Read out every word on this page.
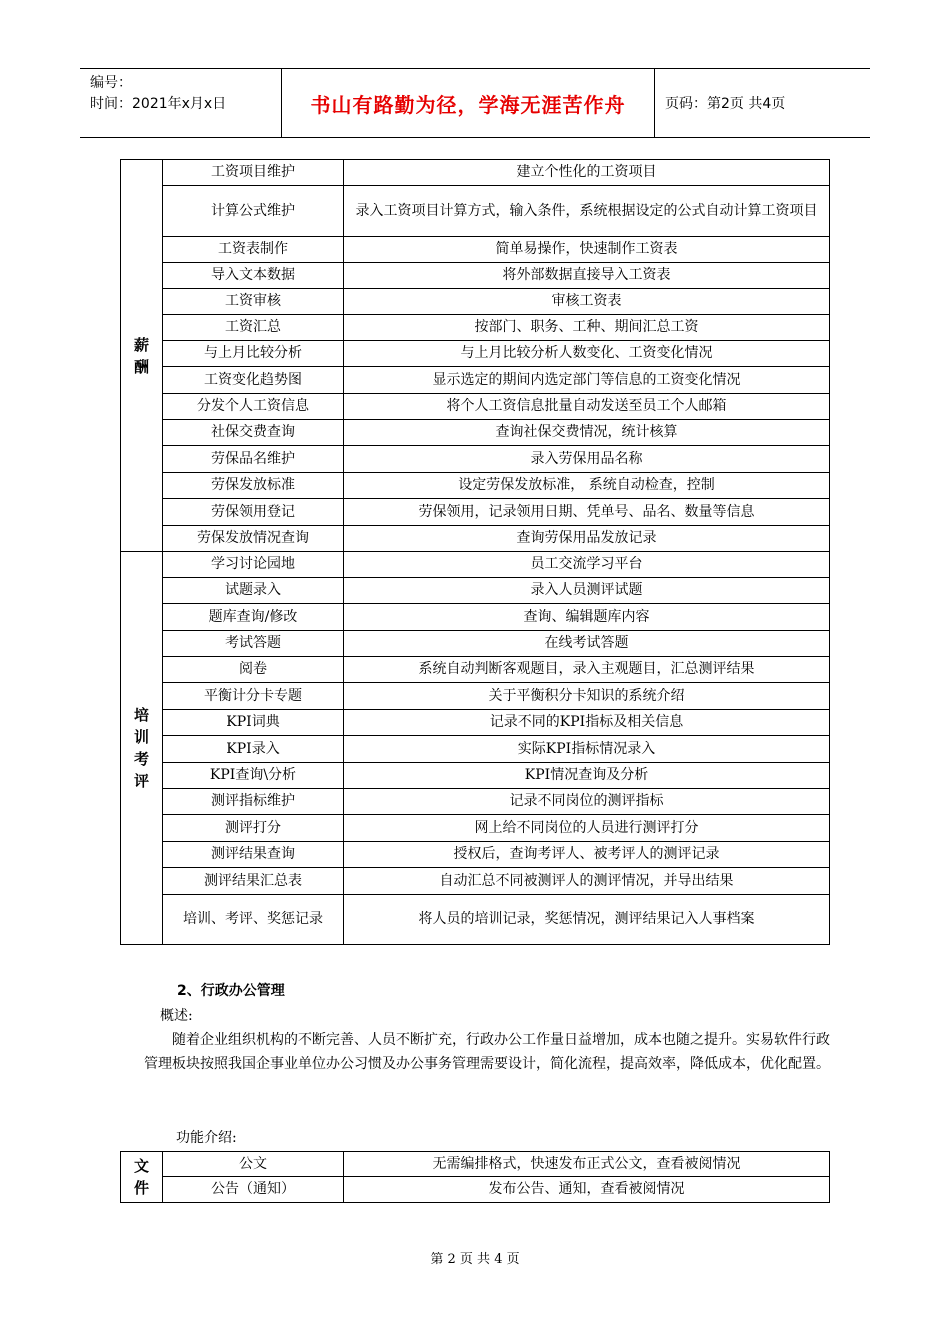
编号：
时间：2021年x月x日	书山有路勤为径，学海无涯苦作舟	页码：第2页 共4页
薪
酬	工资项目维护	建立个性化的工资项目
	计算公式维护	录入工资项目计算方式，输入条件，系统根据设定的公式自动计算工资项目
	工资表制作	简单易操作，快速制作工资表
	导入文本数据	将外部数据直接导入工资表
	工资审核	审核工资表
	工资汇总	按部门、职务、工种、期间汇总工资
	与上月比较分析	与上月比较分析人数变化、工资变化情况
	工资变化趋势图	显示选定的期间内选定部门等信息的工资变化情况
	分发个人工资信息	将个人工资信息批量自动发送至员工个人邮箱
	社保交费查询	查询社保交费情况，统计核算
	劳保品名维护	录入劳保用品名称
	劳保发放标准	设定劳保发放标准， 系统自动检查，控制
	劳保领用登记	劳保领用，记录领用日期、凭单号、品名、数量等信息
	劳保发放情况查询	查询劳保用品发放记录

培
训
考
评	学习讨论园地	员工交流学习平台
	试题录入	录入人员测评试题
	题库查询/修改	查询、编辑题库内容
	考试答题	在线考试答题
	阅卷	系统自动判断客观题目，录入主观题目，汇总测评结果
	平衡计分卡专题	关于平衡积分卡知识的系统介绍
	KPI词典	记录不同的KPI指标及相关信息
	KPI录入	实际KPI指标情况录入
	KPI查询\分析	KPI情况查询及分析
	测评指标维护	记录不同岗位的测评指标
	测评打分	网上给不同岗位的人员进行测评打分
	测评结果查询	授权后，查询考评人、被考评人的测评记录
	测评结果汇总表	自动汇总不同被测评人的测评情况，并导出结果
	培训、考评、奖惩记录	将人员的培训记录，奖惩情况，测评结果记入人事档案
2、行政办公管理
概述:
随着企业组织机构的不断完善、人员不断扩充，行政办公工作量日益增加，成本也随之提升。实易软件行政管理板块按照我国企事业单位办公习惯及办公事务管理需要设计，简化流程，提高效率，降低成本，优化配置。
功能介绍:
文
件	公文	无需编排格式，快速发布正式公文，查看被阅情况
	公告（通知）	发布公告、通知，查看被阅情况
第 2 页 共 4 页
